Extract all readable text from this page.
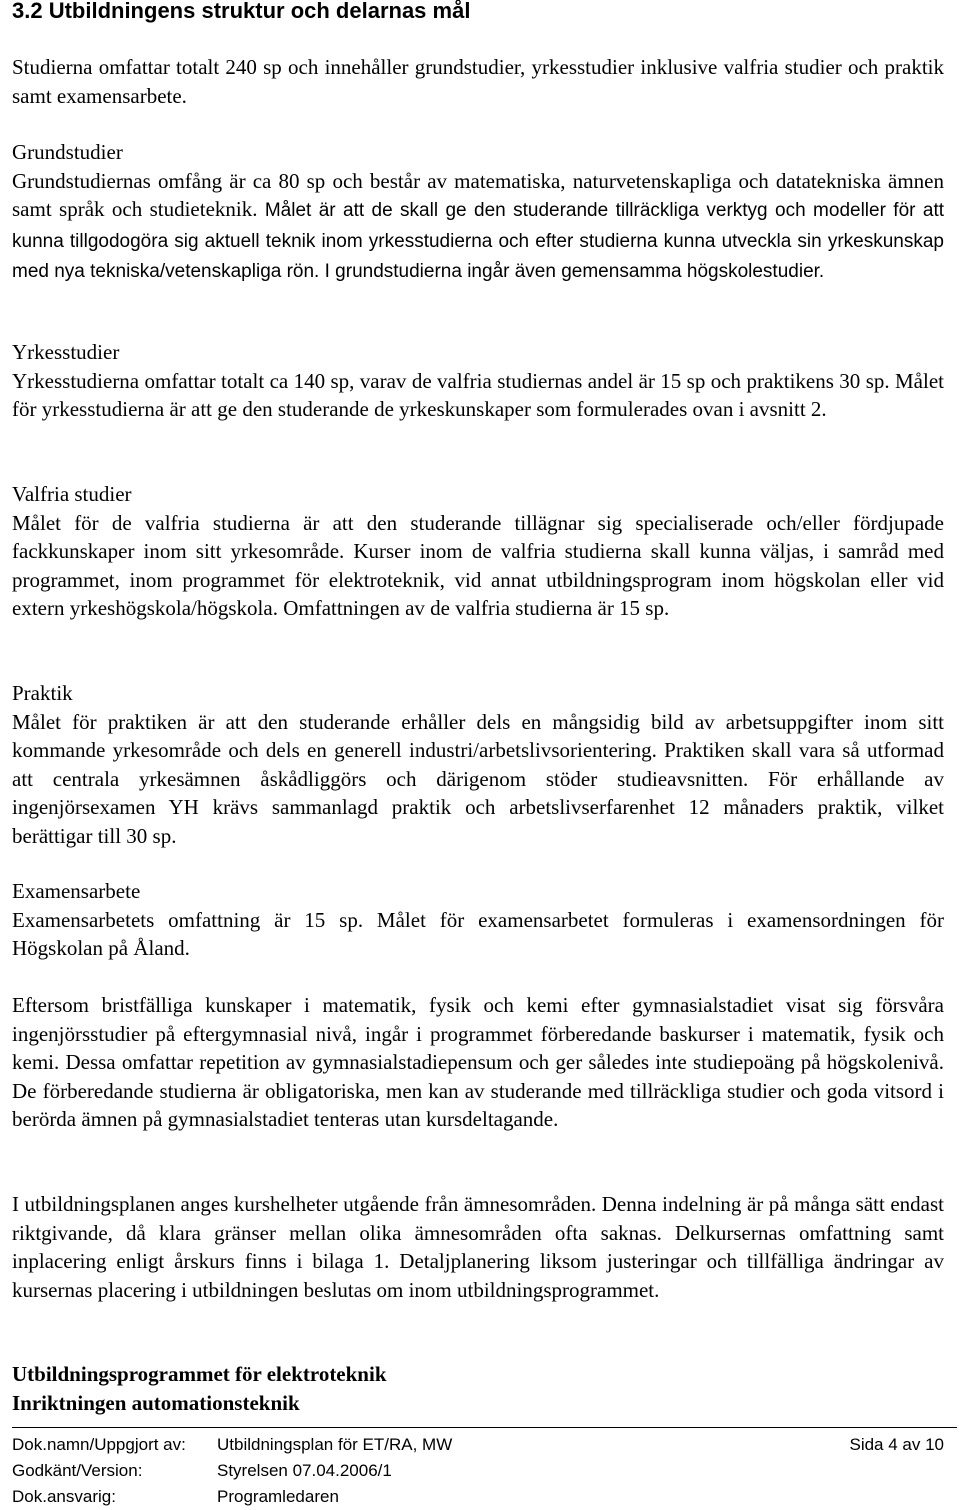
3.2 Utbildningens struktur och delarnas mål

Studierna omfattar totalt 240 sp och innehåller grundstudier, yrkesstudier inklusive valfria studier och praktik samt examensarbete.

Grundstudier

Grundstudiernas omfång är ca 80 sp och består av matematiska, naturvetenskapliga och datatekniska ämnen samt språk och studieteknik. Målet är att de skall ge den studerande tillräckliga verktyg och modeller för att kunna tillgodogöra sig aktuell teknik inom yrkesstudierna och efter studierna kunna utveckla sin yrkeskunskap med nya tekniska/vetenskapliga rön. I grundstudierna ingår även gemensamma högskolestudier.

Yrkesstudier

Yrkesstudierna omfattar totalt ca 140 sp, varav de valfria studiernas andel är 15 sp och praktikens 30 sp. Målet för yrkesstudierna är att ge den studerande de yrkeskunskaper som formulerades ovan i avsnitt 2.

Valfria studier

Målet för de valfria studierna är att den studerande tillägnar sig specialiserade och/eller fördjupade fackkunskaper inom sitt yrkesområde. Kurser inom de valfria studierna skall kunna väljas, i samråd med programmet, inom programmet för elektroteknik, vid annat utbildningsprogram inom högskolan eller vid extern yrkeshögskola/högskola. Omfattningen av de valfria studierna är 15 sp.

Praktik

Målet för praktiken är att den studerande erhåller dels en mångsidig bild av arbetsuppgifter inom sitt kommande yrkesområde och dels en generell industri/arbetslivsorientering. Praktiken skall vara så utformad att centrala yrkesämnen åskådliggörs och därigenom stöder studieavsnitten. För erhållande av ingenjörsexamen YH krävs sammanlagd praktik och arbetslivserfarenhet 12 månaders praktik, vilket berättigar till 30 sp.

Examensarbete

Examensarbetets omfattning är 15 sp. Målet för examensarbetet formuleras i examensordningen för Högskolan på Åland.

Eftersom bristfälliga kunskaper i matematik, fysik och kemi efter gymnasialstadiet visat sig försvåra ingenjörsstudier på eftergymnasial nivå, ingår i programmet förberedande baskurser i matematik, fysik och kemi. Dessa omfattar repetition av gymnasialstadiepensum och ger således inte studiepoäng på högskolenivå. De förberedande studierna är obligatoriska, men kan av studerande med tillräckliga studier och goda vitsord i berörda ämnen på gymnasialstadiet tenteras utan kursdeltagande.

I utbildningsplanen anges kurshelheter utgående från ämnesområden. Denna indelning är på många sätt endast riktgivande, då klara gränser mellan olika ämnesområden ofta saknas. Delkursernas omfattning samt inplacering enligt årskurs finns i bilaga 1. Detaljplanering liksom justeringar och tillfälliga ändringar av kursernas placering i utbildningen beslutas om inom utbildningsprogrammet.

Utbildningsprogrammet för elektroteknik
Inriktningen automationsteknik
Dok.namn/Uppgjort av: Utbildningsplan för ET/RA, MW
Godkänt/Version:	Styrelsen 07.04.2006/1
Dok.ansvarig:	Programledaren
Sida 4 av 10
